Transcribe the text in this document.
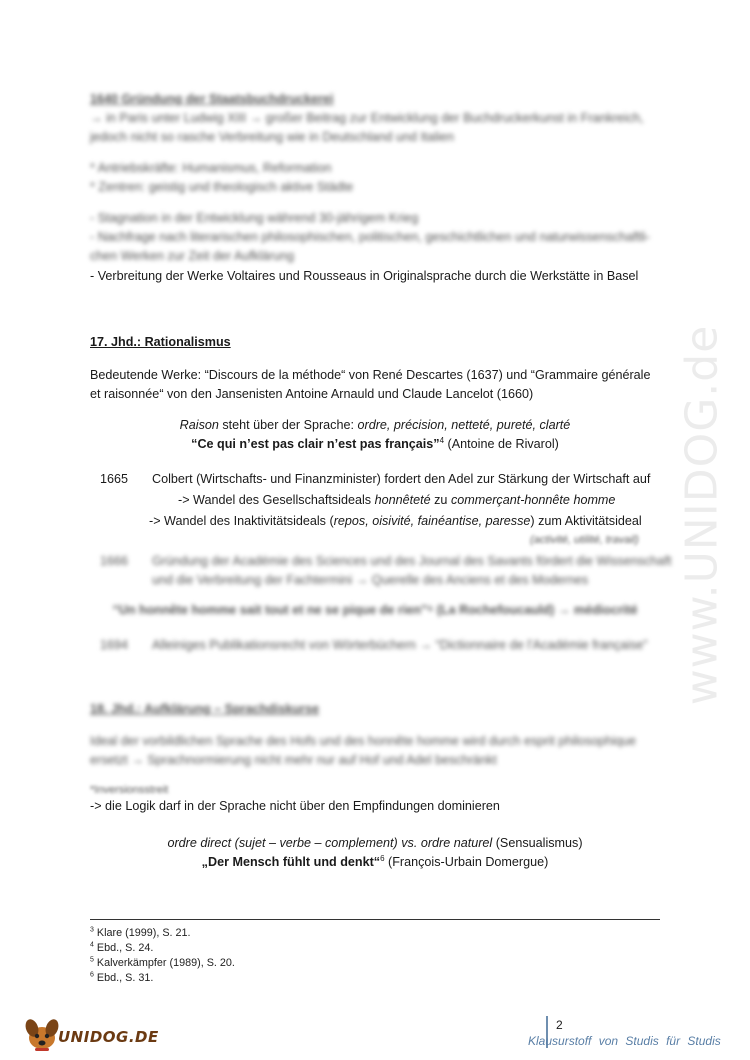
www.UNIDOG.de
1640 Gründung der Staatsbuchdruckerei
→ in Paris unter Ludwig XIII → großer Beitrag zur Entwicklung der Buchdruckerkunst in Frankreich,
jedoch nicht so rasche Verbreitung wie in Deutschland und Italien
* Antriebskräfte: Humanismus, Reformation
* Zentren: geistig und theologisch aktive Städte
- Stagnation in der Entwicklung während 30-jährigem Krieg
- Nachfrage nach literarischen philosophischen, politischen, geschichtlichen und naturwissenschaftli-
chen Werken zur Zeit der Aufklärung
- Verbreitung der Werke Voltaires und Rousseaus in Originalsprache durch die Werkstätte in Basel
17. Jhd.: Rationalismus
Bedeutende Werke: “Discours de la méthode“ von René Descartes (1637) und “Grammaire générale
et raisonnée“ von den Jansenisten Antoine Arnauld und Claude Lancelot (1660)
Raison steht über der Sprache: ordre, précision, netteté, pureté, clarté
“Ce qui n’est pas clair n’est pas français”$^4$ (Antoine de Rivarol)
1665 Colbert (Wirtschafts- und Finanzminister) fordert den Adel zur Stärkung der Wirtschaft auf
-> Wandel des Gesellschaftsideals honnêteté zu commerçant-honnête homme
-> Wandel des Inaktivitätsideals (repos, oisivité, fainéantise, paresse) zum Aktivitätsideal
(activité, utilité, travail)
1666 Gründung der Académie des Sciences und des Journal des Savants fördert die Wissenschaft
und die Verbreitung der Fachtermini → Querelle des Anciens et des Modernes
“Un honnête homme sait tout et ne se pique de rien”⁵ (La Rochefoucauld) → médiocrité
1694 Alleiniges Publikationsrecht von Wörterbüchern → “Dictionnaire de l’Académie française”
18. Jhd.: Aufklärung – Sprachdiskurse
Ideal der vorbildlichen Sprache des Hofs und des honnête homme wird durch esprit philosophique
ersetzt → Sprachnormierung nicht mehr nur auf Hof und Adel beschränkt
*Inversionsstreit
-> die Logik darf in der Sprache nicht über den Empfindungen dominieren
ordre direct (sujet – verbe – complement) vs. ordre naturel (Sensualismus)
„Der Mensch fühlt und denkt“$^6$ (François-Urbain Domergue)
$^3$ Klare (1999), S. 21.
$^4$ Ebd., S. 24.
$^5$ Kalverkämpfer (1989), S. 20.
$^6$ Ebd., S. 31.
UNIDOG.DE
2
Klausurstoff von Studis für Studis
